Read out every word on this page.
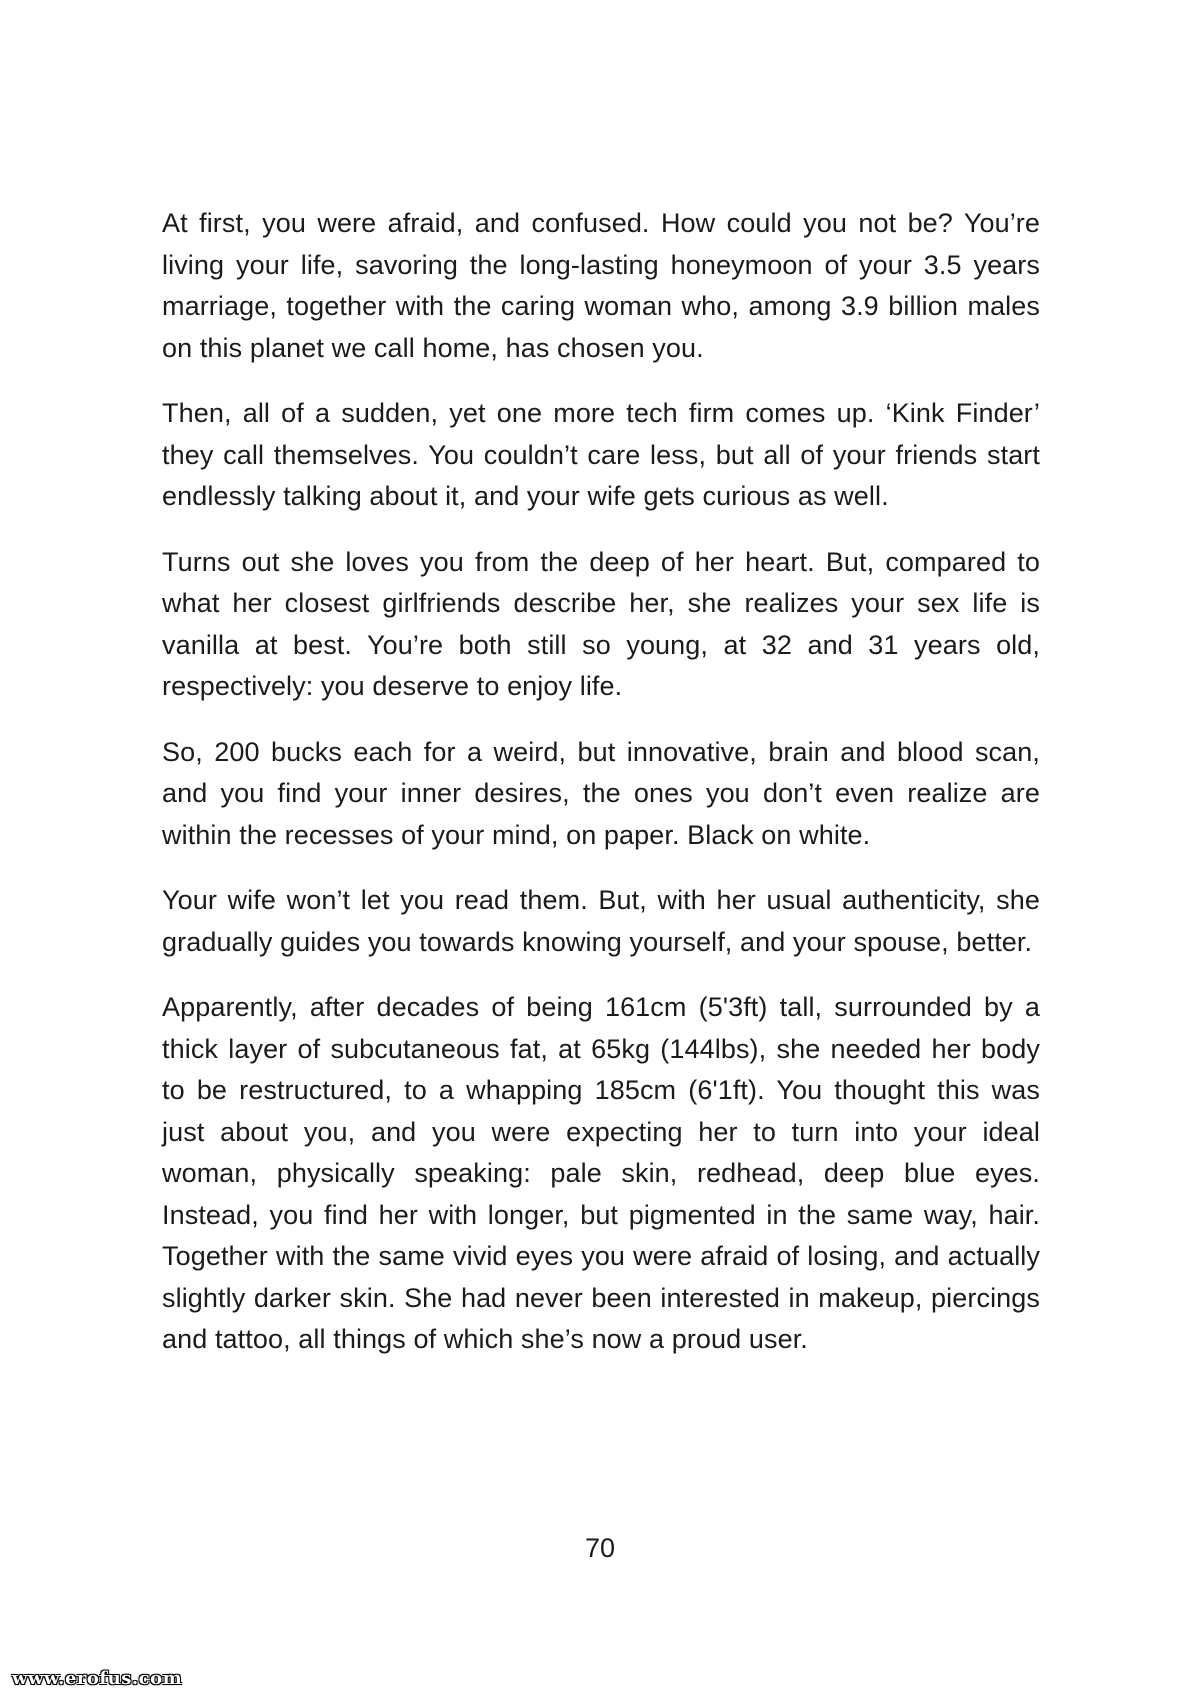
At first, you were afraid, and confused. How could you not be? You’re living your life, savoring the long-lasting honeymoon of your 3.5 years marriage, together with the caring woman who, among 3.9 billion males on this planet we call home, has chosen you.

Then, all of a sudden, yet one more tech firm comes up. ‘Kink Finder’ they call themselves. You couldn’t care less, but all of your friends start endlessly talking about it, and your wife gets curious as well.

Turns out she loves you from the deep of her heart. But, compared to what her closest girlfriends describe her, she realizes your sex life is vanilla at best. You’re both still so young, at 32 and 31 years old, respectively: you deserve to enjoy life.

So, 200 bucks each for a weird, but innovative, brain and blood scan, and you find your inner desires, the ones you don’t even realize are within the recesses of your mind, on paper. Black on white.

Your wife won’t let you read them. But, with her usual authenticity, she gradually guides you towards knowing yourself, and your spouse, better.

Apparently, after decades of being 161cm (5'3ft) tall, surrounded by a thick layer of subcutaneous fat, at 65kg (144lbs), she needed her body to be restructured, to a whapping 185cm (6'1ft). You thought this was just about you, and you were expecting her to turn into your ideal woman, physically speaking: pale skin, redhead, deep blue eyes. Instead, you find her with longer, but pigmented in the same way, hair. Together with the same vivid eyes you were afraid of losing, and actually slightly darker skin. She had never been interested in makeup, piercings and tattoo, all things of which she’s now a proud user.

70
www.erofus.com
